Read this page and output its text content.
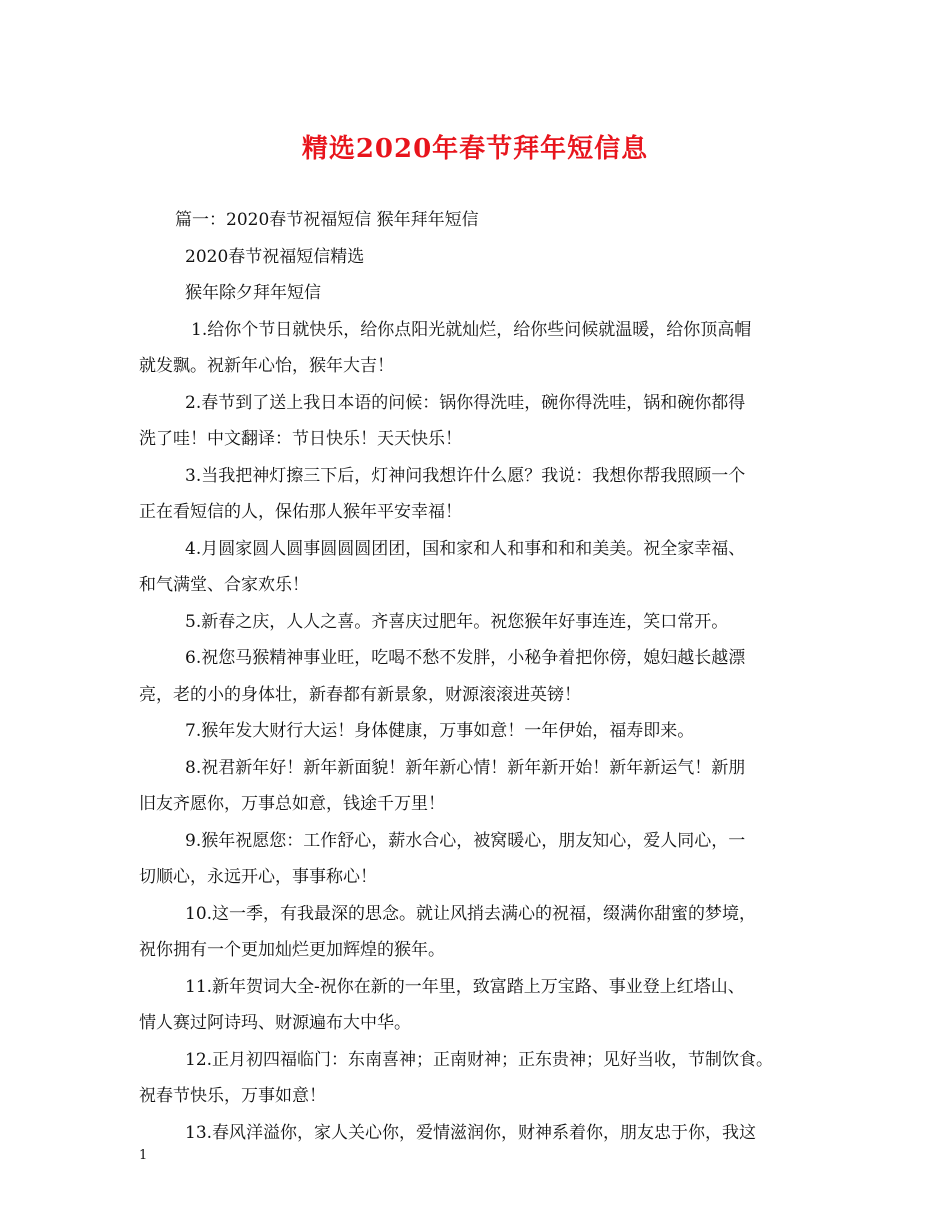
精选2020年春节拜年短信息
篇一：2020春节祝福短信 猴年拜年短信
2020春节祝福短信精选
猴年除夕拜年短信
1.给你个节日就快乐，给你点阳光就灿烂，给你些问候就温暖，给你顶高帽
就发飘。祝新年心怡，猴年大吉！
2.春节到了送上我日本语的问候：锅你得洗哇，碗你得洗哇，锅和碗你都得
洗了哇！中文翻译：节日快乐！天天快乐！
3.当我把神灯擦三下后，灯神问我想许什么愿？我说：我想你帮我照顾一个
正在看短信的人，保佑那人猴年平安幸福！
4.月圆家圆人圆事圆圆圆团团，国和家和人和事和和和美美。祝全家幸福、
和气满堂、合家欢乐！
5.新春之庆，人人之喜。齐喜庆过肥年。祝您猴年好事连连，笑口常开。
6.祝您马猴精神事业旺，吃喝不愁不发胖，小秘争着把你傍，媳妇越长越漂
亮，老的小的身体壮，新春都有新景象，财源滚滚进英镑！
7.猴年发大财行大运！身体健康，万事如意！一年伊始，福寿即来。
8.祝君新年好！新年新面貌！新年新心情！新年新开始！新年新运气！新朋
旧友齐愿你，万事总如意，钱途千万里！
9.猴年祝愿您：工作舒心，薪水合心，被窝暖心，朋友知心，爱人同心，一
切顺心，永远开心，事事称心！
10.这一季，有我最深的思念。就让风捎去满心的祝福，缀满你甜蜜的梦境，
祝你拥有一个更加灿烂更加辉煌的猴年。
11.新年贺词大全-祝你在新的一年里，致富踏上万宝路、事业登上红塔山、
情人赛过阿诗玛、财源遍布大中华。
12.正月初四福临门：东南喜神；正南财神；正东贵神；见好当收，节制饮食。
祝春节快乐，万事如意！
13.春风洋溢你，家人关心你，爱情滋润你，财神系着你，朋友忠于你，我这
1
